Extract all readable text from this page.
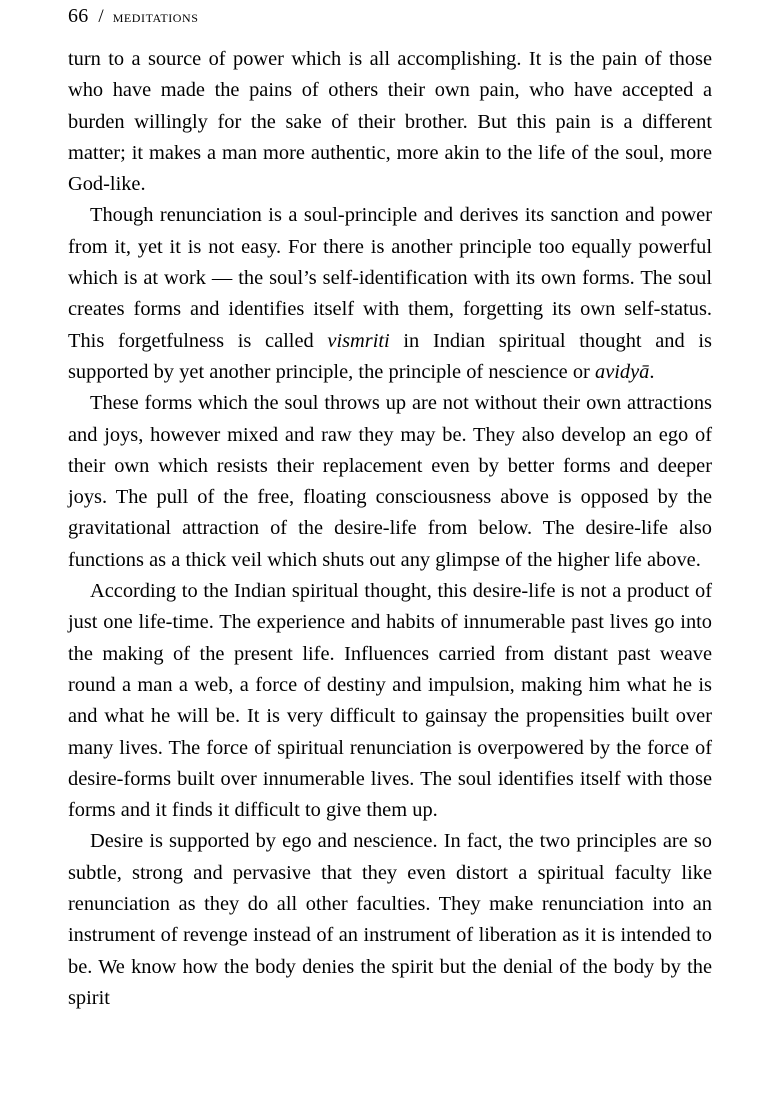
66 / meditations

turn to a source of power which is all accomplishing. It is the pain of those who have made the pains of others their own pain, who have accepted a burden willingly for the sake of their brother. But this pain is a different matter; it makes a man more authentic, more akin to the life of the soul, more God-like.

Though renunciation is a soul-principle and derives its sanction and power from it, yet it is not easy. For there is another principle too equally powerful which is at work — the soul’s self-identification with its own forms. The soul creates forms and identifies itself with them, forgetting its own self-status. This forgetfulness is called vismriti in Indian spiritual thought and is supported by yet another principle, the principle of nescience or avidyā.

These forms which the soul throws up are not without their own attractions and joys, however mixed and raw they may be. They also develop an ego of their own which resists their replacement even by better forms and deeper joys. The pull of the free, floating consciousness above is opposed by the gravitational attraction of the desire-life from below. The desire-life also functions as a thick veil which shuts out any glimpse of the higher life above.

According to the Indian spiritual thought, this desire-life is not a product of just one life-time. The experience and habits of innumerable past lives go into the making of the present life. Influences carried from distant past weave round a man a web, a force of destiny and impulsion, making him what he is and what he will be. It is very difficult to gainsay the propensities built over many lives. The force of spiritual renunciation is overpowered by the force of desire-forms built over innumerable lives. The soul identifies itself with those forms and it finds it difficult to give them up.

Desire is supported by ego and nescience. In fact, the two principles are so subtle, strong and pervasive that they even distort a spiritual faculty like renunciation as they do all other faculties. They make renunciation into an instrument of revenge instead of an instrument of liberation as it is intended to be. We know how the body denies the spirit but the denial of the body by the spirit
